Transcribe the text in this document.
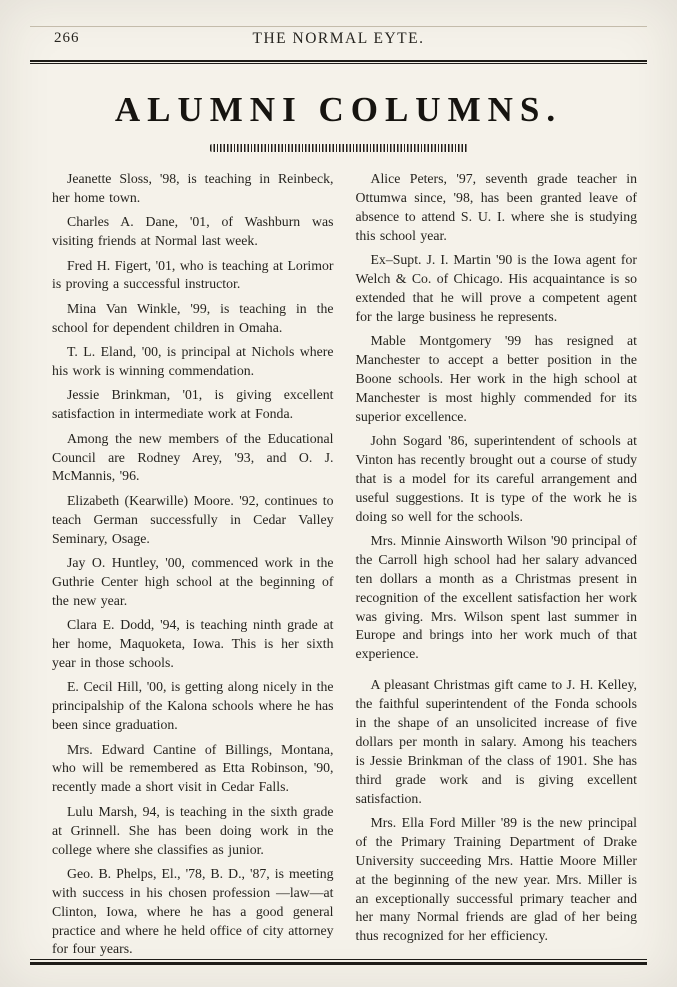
266	THE NORMAL EYTE.
ALUMNI COLUMNS.

Jeanette Sloss, '98, is teaching in Reinbeck, her home town.

Charles A. Dane, '01, of Washburn was visiting friends at Normal last week.

Fred H. Figert, '01, who is teaching at Lorimor is proving a successful instructor.

Mina Van Winkle, '99, is teaching in the school for dependent children in Omaha.

T. L. Eland, '00, is principal at Nichols where his work is winning commendation.

Jessie Brinkman, '01, is giving excellent satisfaction in intermediate work at Fonda.

Among the new members of the Educational Council are Rodney Arey, '93, and O. J. McMannis, '96.

Elizabeth (Kearwille) Moore. '92, continues to teach German successfully in Cedar Valley Seminary, Osage.

Jay O. Huntley, '00, commenced work in the Guthrie Center high school at the beginning of the new year.

Clara E. Dodd, '94, is teaching ninth grade at her home, Maquoketa, Iowa. This is her sixth year in those schools.

E. Cecil Hill, '00, is getting along nicely in the principalship of the Kalona schools where he has been since graduation.

Mrs. Edward Cantine of Billings, Montana, who will be remembered as Etta Robinson, '90, recently made a short visit in Cedar Falls.

Lulu Marsh, 94, is teaching in the sixth grade at Grinnell. She has been doing work in the college where she classifies as junior.

Geo. B. Phelps, El., '78, B. D., '87, is meeting with success in his chosen profession —law—at Clinton, Iowa, where he has a good general practice and where he held office of city attorney for four years.

Alice Peters, '97, seventh grade teacher in Ottumwa since, '98, has been granted leave of absence to attend S. U. I. where she is studying this school year.

Ex–Supt. J. I. Martin '90 is the Iowa agent for Welch & Co. of Chicago. His acquaintance is so extended that he will prove a competent agent for the large business he represents.

Mable Montgomery '99 has resigned at Manchester to accept a better position in the Boone schools. Her work in the high school at Manchester is most highly commended for its superior excellence.

John Sogard '86, superintendent of schools at Vinton has recently brought out a course of study that is a model for its careful arrangement and useful suggestions. It is type of the work he is doing so well for the schools.

Mrs. Minnie Ainsworth Wilson '90 principal of the Carroll high school had her salary advanced ten dollars a month as a Christmas present in recognition of the excellent satisfaction her work was giving. Mrs. Wilson spent last summer in Europe and brings into her work much of that experience.

A pleasant Christmas gift came to J. H. Kelley, the faithful superintendent of the Fonda schools in the shape of an unsolicited increase of five dollars per month in salary. Among his teachers is Jessie Brinkman of the class of 1901. She has third grade work and is giving excellent satisfaction.

Mrs. Ella Ford Miller '89 is the new principal of the Primary Training Department of Drake University succeeding Mrs. Hattie Moore Miller at the beginning of the new year. Mrs. Miller is an exceptionally successful primary teacher and her many Normal friends are glad of her being thus recognized for her efficiency.
